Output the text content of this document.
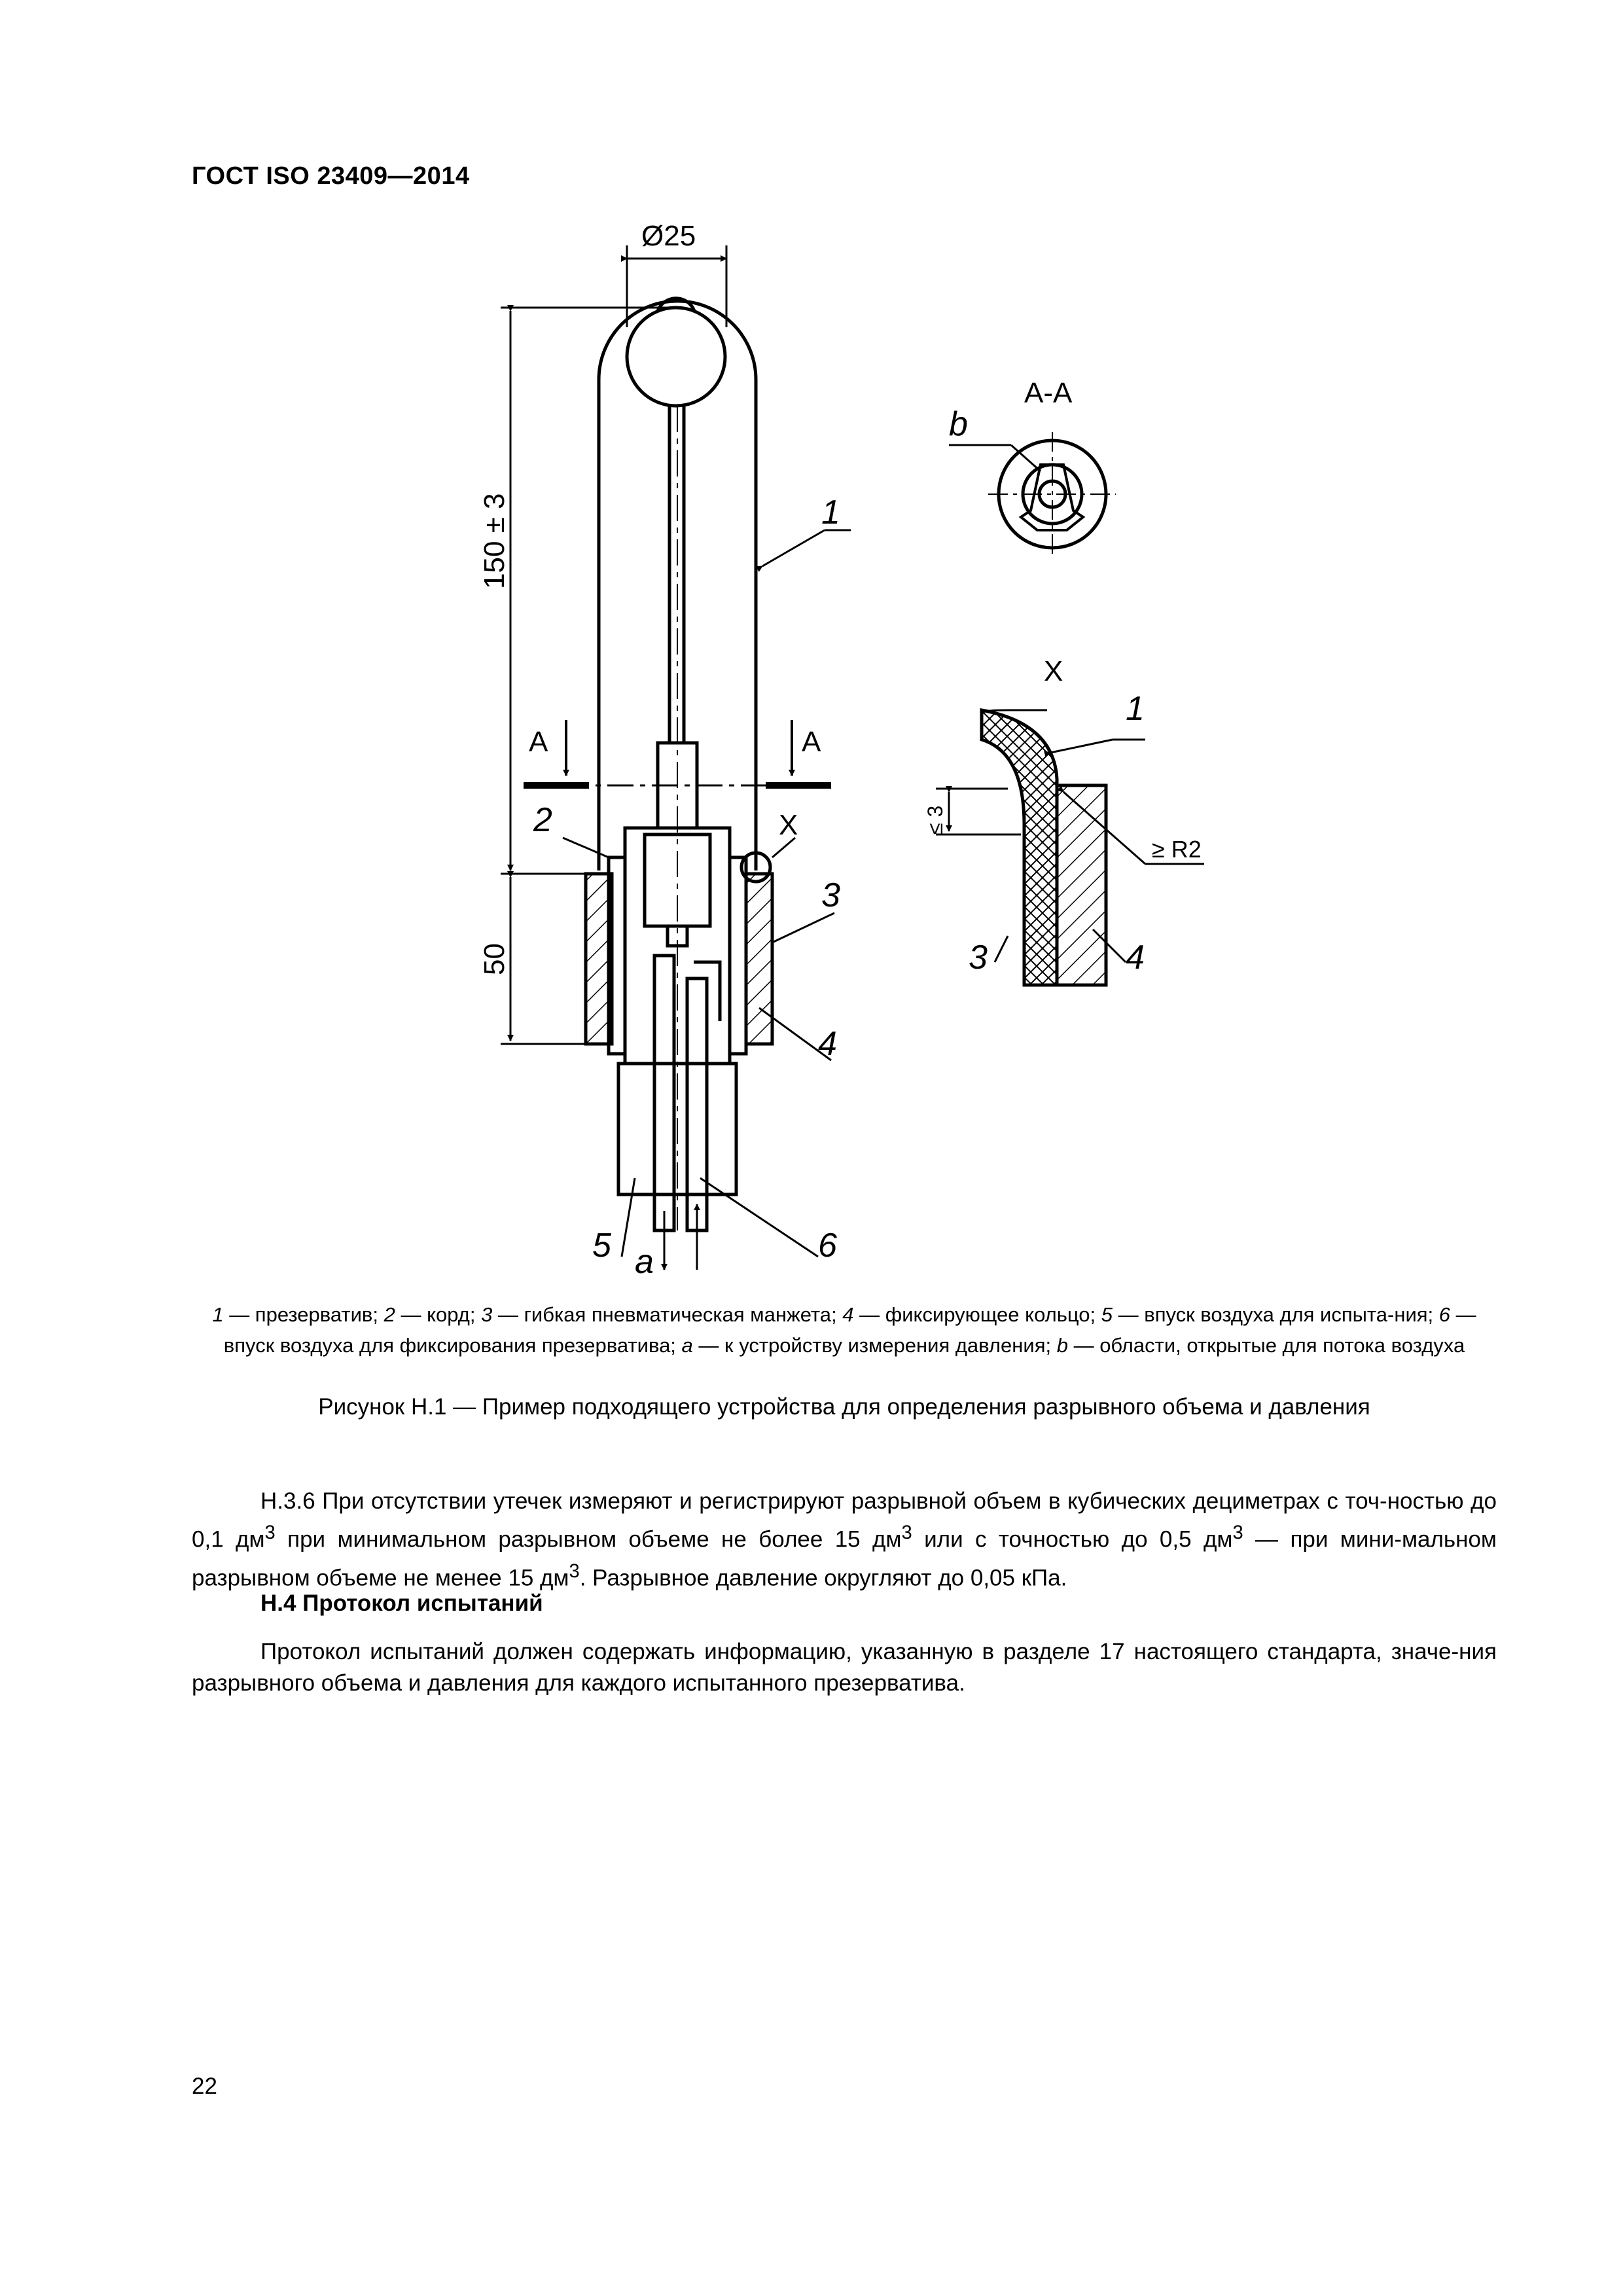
ГОСТ ISO 23409—2014
Ø25
150 ± 3
50
A	A
X
1
2
3
4
5	6
a
A-A
b
X
≤ 3
≥ R2
1
3	4
1 — презерватив; 2 — корд; 3 — гибкая пневматическая манжета; 4 — фиксирующее кольцо; 5 — впуск воздуха для испыта-ния; 6 — впуск воздуха для фиксирования презерватива; a — к устройству измерения давления; b — области, открытые для потока воздуха
Рисунок Н.1 — Пример подходящего устройства для определения разрывного объема и давления
Н.3.6 При отсутствии утечек измеряют и регистрируют разрывной объем в кубических дециметрах с точ-ностью до 0,1 $дм^3$ при минимальном разрывном объеме не более 15 $дм^3$ или с точностью до 0,5 $дм^3$ — при мини-мальном разрывном объеме не менее 15 $дм^3$. Разрывное давление округляют до 0,05 кПа.
Н.4 Протокол испытаний
Протокол испытаний должен содержать информацию, указанную в разделе 17 настоящего стандарта, значе-ния разрывного объема и давления для каждого испытанного презерватива.
22
